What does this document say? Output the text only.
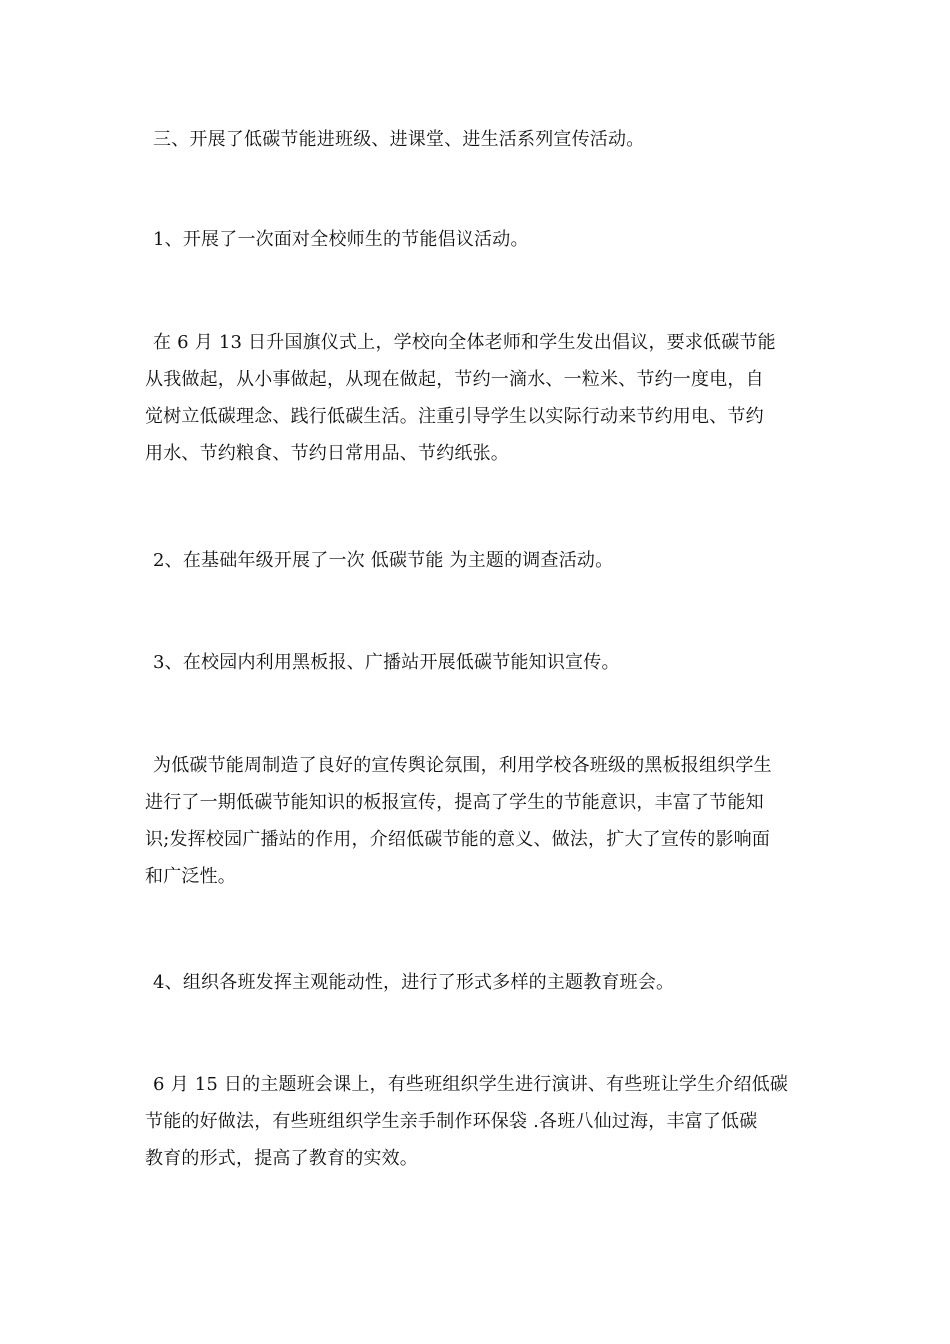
三、开展了低碳节能进班级、进课堂、进生活系列宣传活动。

1、开展了一次面对全校师生的节能倡议活动。

在 6 月 13 日升国旗仪式上，学校向全体老师和学生发出倡议，要求低碳节能
从我做起，从小事做起，从现在做起，节约一滴水、一粒米、节约一度电，自
觉树立低碳理念、践行低碳生活。注重引导学生以实际行动来节约用电、节约
用水、节约粮食、节约日常用品、节约纸张。

2、在基础年级开展了一次 低碳节能 为主题的调查活动。

3、在校园内利用黑板报、广播站开展低碳节能知识宣传。

为低碳节能周制造了良好的宣传舆论氛围，利用学校各班级的黑板报组织学生
进行了一期低碳节能知识的板报宣传，提高了学生的节能意识，丰富了节能知
识;发挥校园广播站的作用，介绍低碳节能的意义、做法，扩大了宣传的影响面
和广泛性。

4、组织各班发挥主观能动性，进行了形式多样的主题教育班会。

6 月 15 日的主题班会课上，有些班组织学生进行演讲、有些班让学生介绍低碳
节能的好做法，有些班组织学生亲手制作环保袋 .各班八仙过海，丰富了低碳
教育的形式，提高了教育的实效。
